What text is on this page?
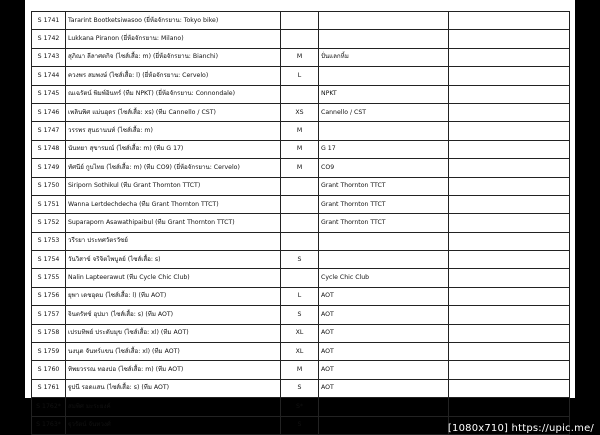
S 1741	Tararint Bootketsiwasoo (ยี่ห้อจักรยาน: Tokyo bike)			
S 1742	Lukkana Piranon (ยี่ห้อจักรยาน: Milano)			
S 1743	สุภิณา ลีลาศตกิจ (ไซส์เสื้อ: m) (ยี่ห้อจักรยาน: Bianchi)	M	ปั่นแลกหิ้ม	
S 1744	ควงพร สมพงษ์ (ไซส์เสื้อ: l) (ยี่ห้อจักรยาน: Cervelo)	L		
S 1745	ณเฉรัตน์ พิมพ์อินทร์ (ทีม NPKT) (ยี่ห้อจักรยาน: Connondale)		NPKT	
S 1746	เพลินพิศ แม่นอุดร (ไซส์เสื้อ: xs) (ทีม Cannello / CST)	XS	Cannello / CST	
S 1747	วรรพร สุนธานนท์ (ไซส์เสื้อ: m)	M		
S 1748	นันทยา สุขารมณ์ (ไซส์เสื้อ: m) (ทีม G 17)	M	G 17	
S 1749	ทัศนีย์ กูบไทย (ไซส์เสื้อ: m) (ทีม CO9) (ยี่ห้อจักรยาน: Cervelo)	M	CO9	
S 1750	Siriporn Sothikul (ทีม Grant Thornton TTCT)		Grant Thornton TTCT	
S 1751	Wanna Lertdechdecha (ทีม Grant Thornton TTCT)		Grant Thornton TTCT	
S 1752	Suparaporn Asawathipaibul (ทีม Grant Thornton TTCT)		Grant Thornton TTCT	
S 1753	วรีรยา ประทศวัตรวัชย์			
S 1754	วันวิสาข์ จริจิตไพบูลย์ (ไซส์เสื้อ: s)	S		
S 1755	Nalin Lapteerawut (ทีม Cycle Chic Club)		Cycle Chic Club	
S 1756	ยุพา เดชอุดม (ไซส์เสื้อ: l) (ทีม AOT)	L	AOT	
S 1757	จินตรัทช์ อุปมา (ไซส์เสื้อ: s) (ทีม AOT)	S	AOT	
S 1758	เปรมทิพย์ ประดับมุข (ไซส์เสื้อ: xl) (ทีม AOT)	XL	AOT	
S 1759	นงนุต จันทร์แขน (ไซส์เสื้อ: xl) (ทีม AOT)	XL	AOT	
S 1760	ทิพยวรรณ ทองปอ (ไซส์เสื้อ: m) (ทีม AOT)	M	AOT	
S 1761	ฐูปนี รอดแสน (ไซส์เสื้อ: s) (ทีม AOT)	S	AOT	
S 1762*	สมพิศ มะระยงค์	S*		
S 1763*	ฐุวรัตน์ จันทวงศ์	S			[1080x710] https://upic.me/
